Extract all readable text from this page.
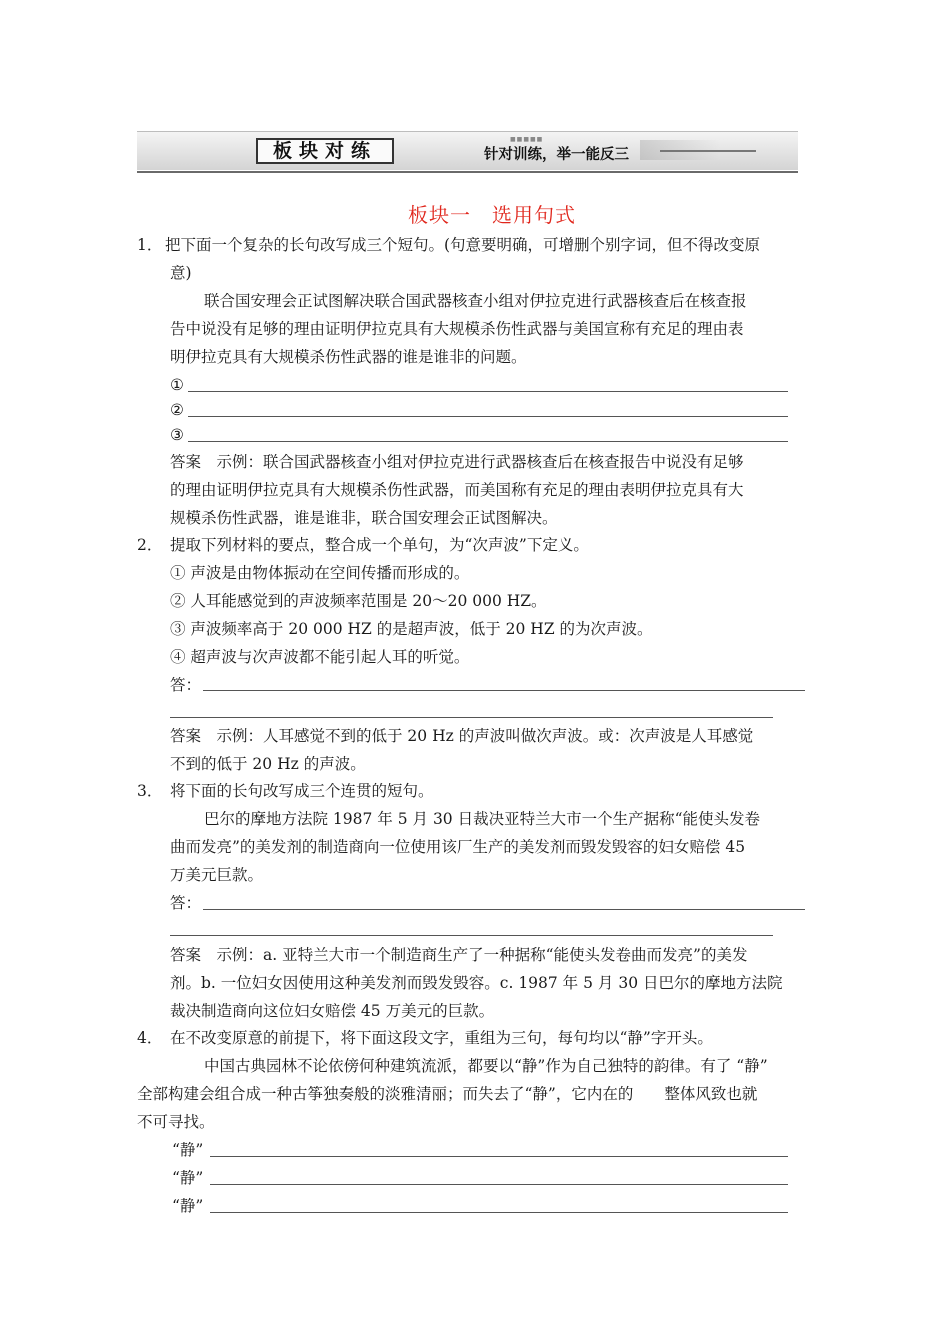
板块对练
■■■■■
针对训练，举一能反三
板块一　选用句式
1． 把下面一个复杂的长句改写成三个短句。(句意要明确，可增删个别字词，但不得改变原
意)
联合国安理会正试图解决联合国武器核查小组对伊拉克进行武器核查后在核查报
告中说没有足够的理由证明伊拉克具有大规模杀伤性武器与美国宣称有充足的理由表
明伊拉克具有大规模杀伤性武器的谁是谁非的问题。
①
②
③
答案　示例：联合国武器核查小组对伊拉克进行武器核查后在核查报告中说没有足够
的理由证明伊拉克具有大规模杀伤性武器，而美国称有充足的理由表明伊拉克具有大
规模杀伤性武器，谁是谁非，联合国安理会正试图解决。
2． 提取下列材料的要点，整合成一个单句，为“次声波”下定义。
① 声波是由物体振动在空间传播而形成的。
② 人耳能感觉到的声波频率范围是 20～20 000 HZ。
③ 声波频率高于 20 000 HZ 的是超声波，低于 20 HZ 的为次声波。
④ 超声波与次声波都不能引起人耳的听觉。
答：
答案　示例：人耳感觉不到的低于 20 Hz 的声波叫做次声波。或：次声波是人耳感觉
不到的低于 20 Hz 的声波。
3． 将下面的长句改写成三个连贯的短句。
巴尔的摩地方法院 1987 年 5 月 30 日裁决亚特兰大市一个生产据称“能使头发卷
曲而发亮”的美发剂的制造商向一位使用该厂生产的美发剂而毁发毁容的妇女赔偿 45
万美元巨款。
答：
答案　示例：a. 亚特兰大市一个制造商生产了一种据称“能使头发卷曲而发亮”的美发
剂。b. 一位妇女因使用这种美发剂而毁发毁容。c. 1987 年 5 月 30 日巴尔的摩地方法院
裁决制造商向这位妇女赔偿 45 万美元的巨款。
4． 在不改变原意的前提下，将下面这段文字，重组为三句，每句均以“静”字开头。
中国古典园林不论依傍何种建筑流派，都要以“静”作为自己独特的韵律。有了 “静”
全部构建会组合成一种古筝独奏般的淡雅清丽；而失去了“静”，它内在的　　整体风致也就
不可寻找。
“静”
“静”
“静”
